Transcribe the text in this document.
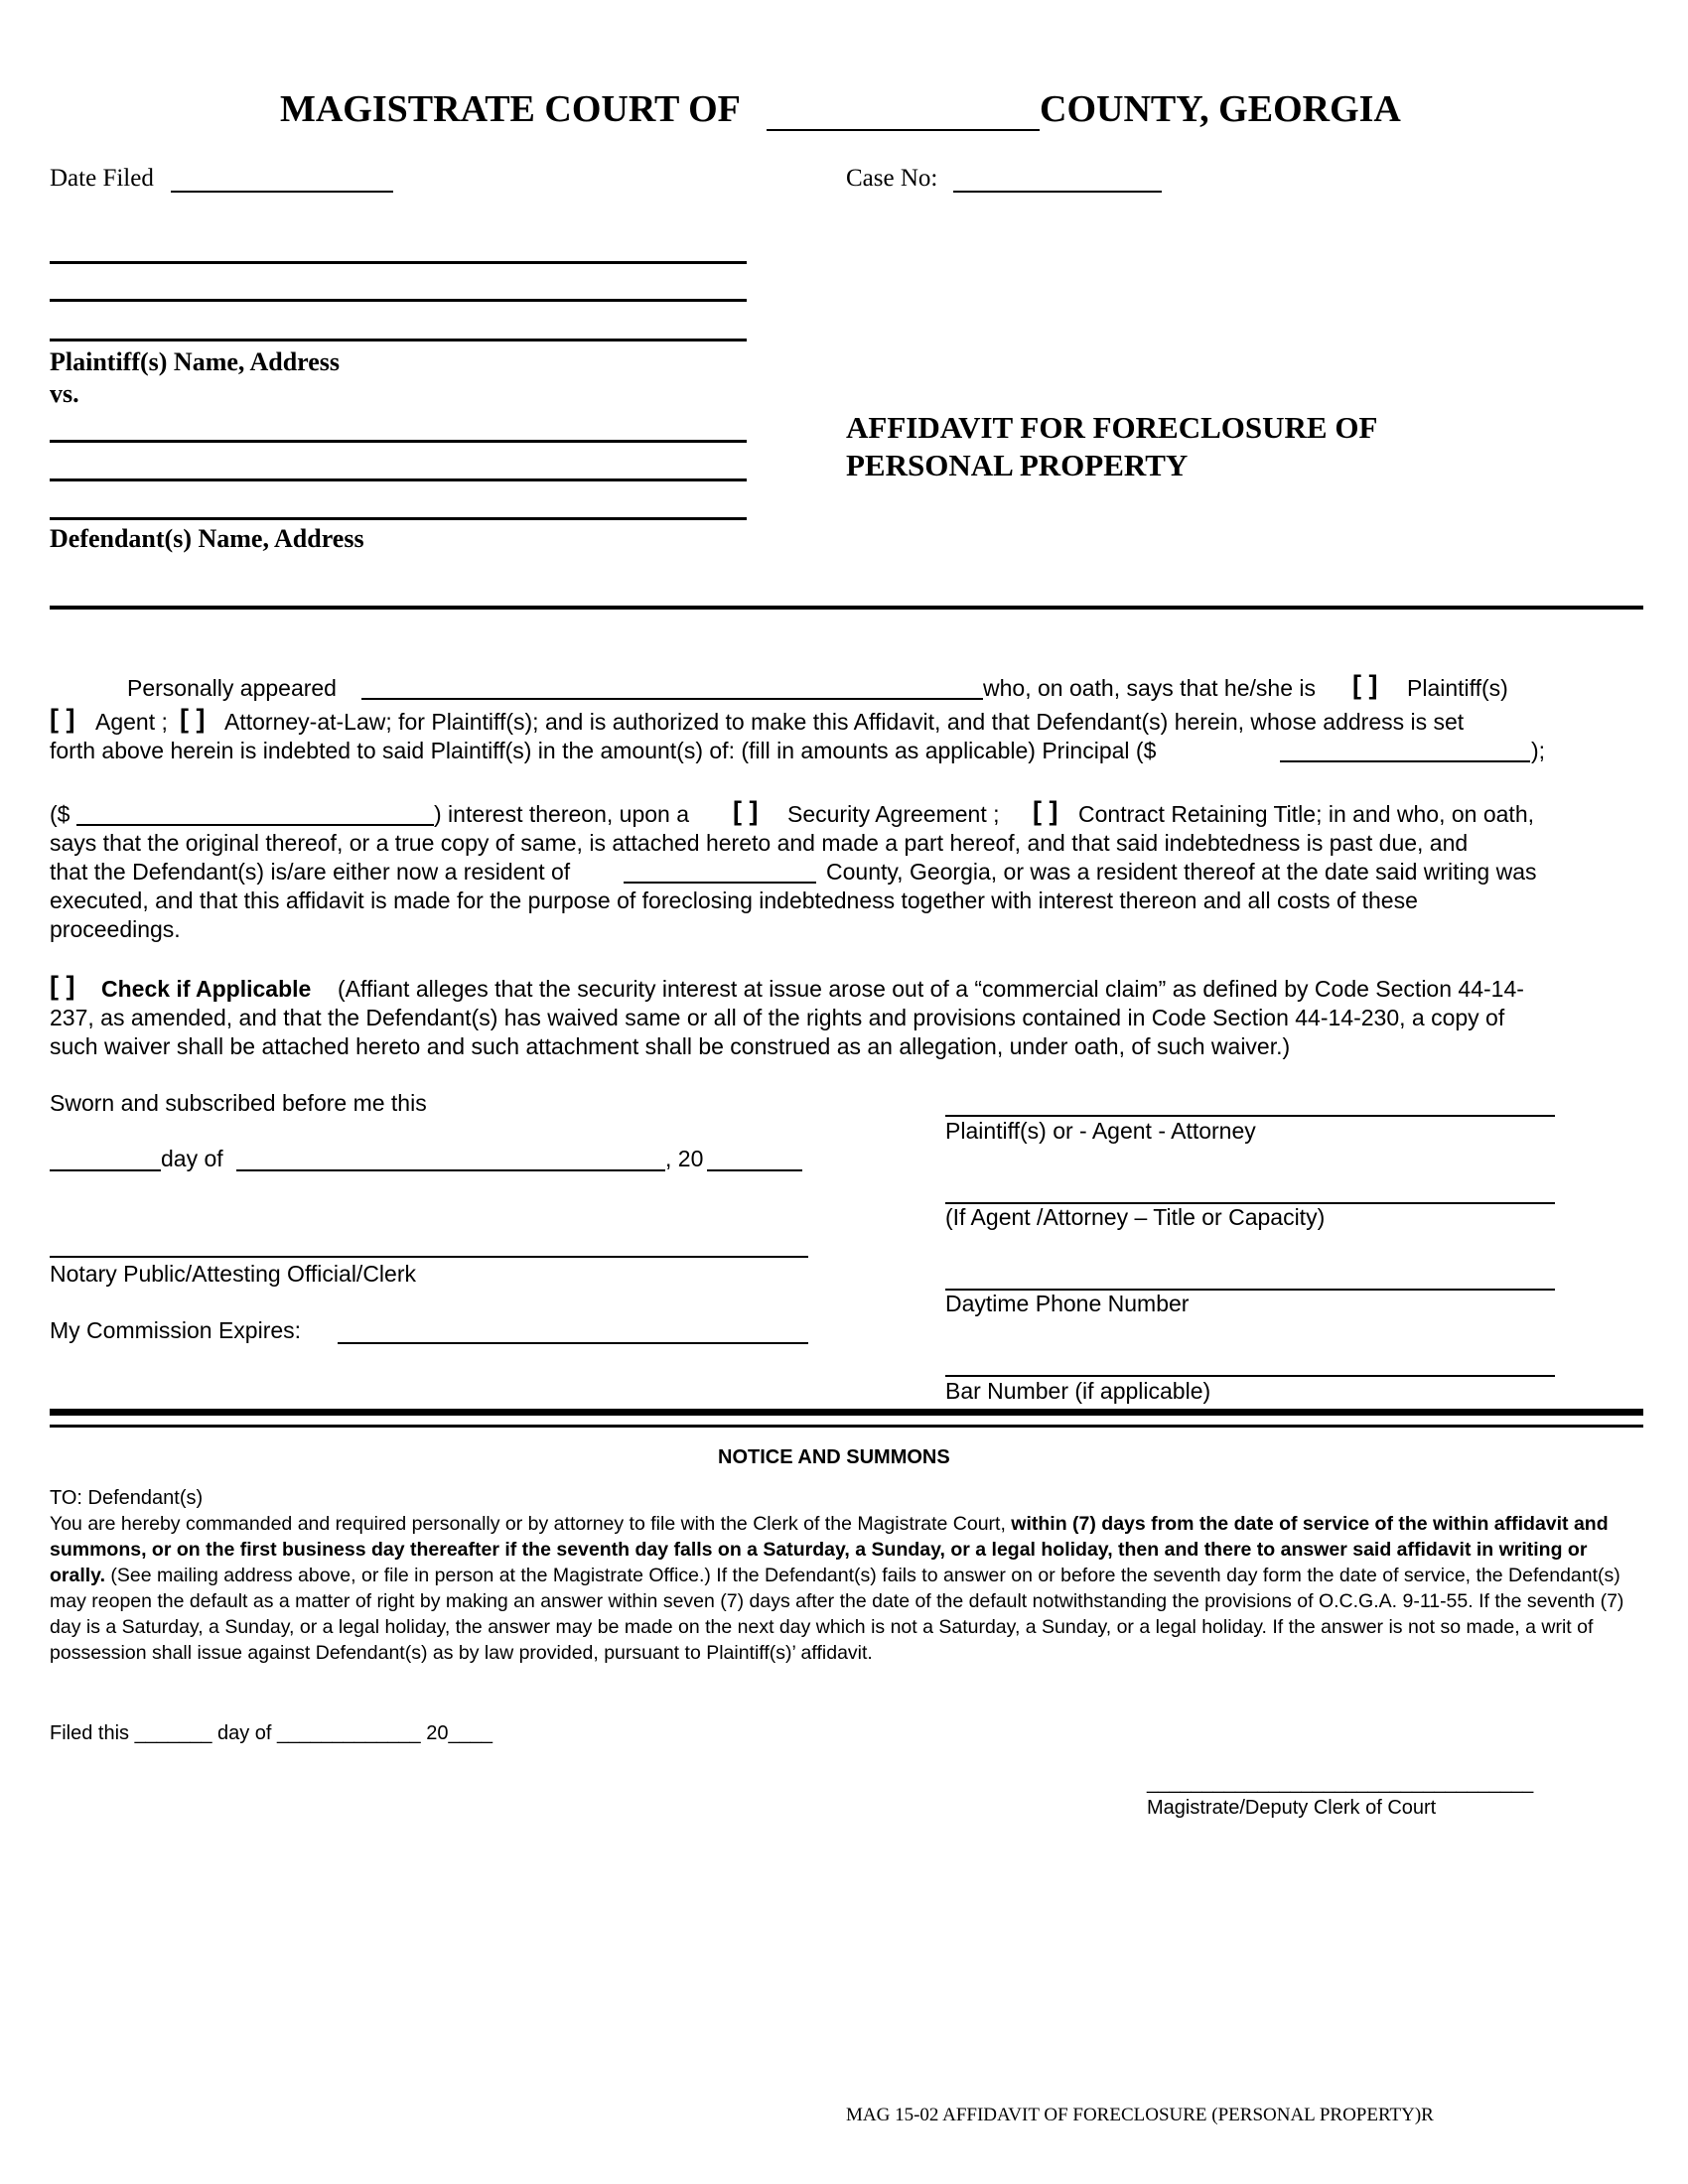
MAGISTRATE COURT OF	COUNTY, GEORGIA
Date Filed	Case No:
Plaintiff(s) Name, Address
vs.
Defendant(s) Name, Address
AFFIDAVIT FOR FORECLOSURE OF
PERSONAL PROPERTY
Personally appeared	who, on oath, says that he/she is [ ] Plaintiff(s)
[ ] Agent ; [ ] Attorney-at-Law; for Plaintiff(s); and is authorized to make this Affidavit, and that Defendant(s) herein, whose address is set
forth above herein is indebted to said Plaintiff(s) in the amount(s) of: (fill in amounts as applicable) Principal ($	);
($	) interest thereon, upon a [ ] Security Agreement ; [ ] Contract Retaining Title; in and who, on oath,
says that the original thereof, or a true copy of same, is attached hereto and made a part hereof, and that said indebtedness is past due, and
that the Defendant(s) is/are either now a resident of	County, Georgia, or was a resident thereof at the date said writing was
executed, and that this affidavit is made for the purpose of foreclosing indebtedness together with interest thereon and all costs of these
proceedings.
[ ] Check if Applicable (Affiant alleges that the security interest at issue arose out of a “commercial claim” as defined by Code Section 44-14-
237, as amended, and that the Defendant(s) has waived same or all of the rights and provisions contained in Code Section 44-14-230, a copy of
such waiver shall be attached hereto and such attachment shall be construed as an allegation, under oath, of such waiver.)
Sworn and subscribed before me this
day of	, 20
Notary Public/Attesting Official/Clerk
My Commission Expires:
Plaintiff(s) or - Agent - Attorney
(If Agent /Attorney – Title or Capacity)
Daytime Phone Number
Bar Number (if applicable)
NOTICE AND SUMMONS
TO: Defendant(s)
You are hereby commanded and required personally or by attorney to file with the Clerk of the Magistrate Court, within (7) days from the date of service of the within affidavit and summons, or on the first business day thereafter if the seventh day falls on a Saturday, a Sunday, or a legal holiday, then and there to answer said affidavit in writing or orally. (See mailing address above, or file in person at the Magistrate Office.) If the Defendant(s) fails to answer on or before the seventh day form the date of service, the Defendant(s) may reopen the default as a matter of right by making an answer within seven (7) days after the date of the default notwithstanding the provisions of O.C.G.A. 9-11-55. If the seventh (7) day is a Saturday, a Sunday, or a legal holiday, the answer may be made on the next day which is not a Saturday, a Sunday, or a legal holiday. If the answer is not so made, a writ of possession shall issue against Defendant(s) as by law provided, pursuant to Plaintiff(s)’ affidavit.
Filed this _______ day of _____________ 20____
___________________________________
Magistrate/Deputy Clerk of Court
MAG 15-02 AFFIDAVIT OF FORECLOSURE (PERSONAL PROPERTY)R
